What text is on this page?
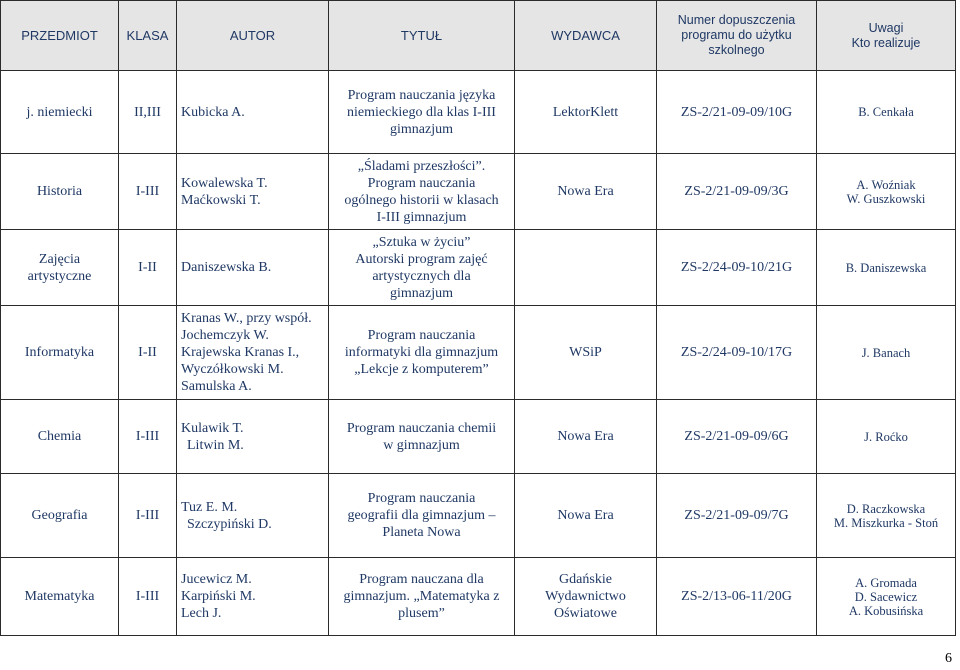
PRZEDMIOT	KLASA	AUTOR	TYTUŁ	WYDAWCA	Numer dopuszczenia
programu do użytku
szkolnego	Uwagi
Kto realizuje

j. niemiecki	II,III	Kubicka A.	Program nauczania języka
niemieckiego dla klas I-III
gimnazjum	LektorKlett	ZS-2/21-09-09/10G	B. Cenkała
Historia	I-III	Kowalewska T.
Maćkowski T.	„Śladami przeszłości”.
Program nauczania
ogólnego historii w klasach
I-III gimnazjum	Nowa Era	ZS-2/21-09-09/3G	A. Woźniak
W. Guszkowski

Zajęcia
artystyczne	I-II	Daniszewska B.	„Sztuka w życiu”
Autorski program zajęć
artystycznych dla
gimnazjum		ZS-2/24-09-10/21G	B. Daniszewska
Informatyka	I-II	Kranas W., przy współ.
Jochemczyk W.
Krajewska Kranas I.,
Wyczółkowski M.
Samulska A.	Program nauczania
informatyki dla gimnazjum
„Lekcje z komputerem”	WSiP	ZS-2/24-09-10/17G	J. Banach
Chemia	I-III	Kulawik T.
Litwin M.	Program nauczania chemii
w gimnazjum	Nowa Era	ZS-2/21-09-09/6G	J. Roćko
Geografia	I-III	Tuz E. M.
Szczypiński D.	Program nauczania
geografii dla gimnazjum –
Planeta Nowa	Nowa Era	ZS-2/21-09-09/7G	D. Raczkowska
M. Miszkurka - Stoń

Matematyka	I-III	Jucewicz M.
Karpiński M.
Lech J.	Program nauczana dla
gimnazjum. „Matematyka z
plusem”	Gdańskie
Wydawnictwo
Oświatowe	ZS-2/13-06-11/20G	A. Gromada
D. Sacewicz
A. Kobusińska
6
